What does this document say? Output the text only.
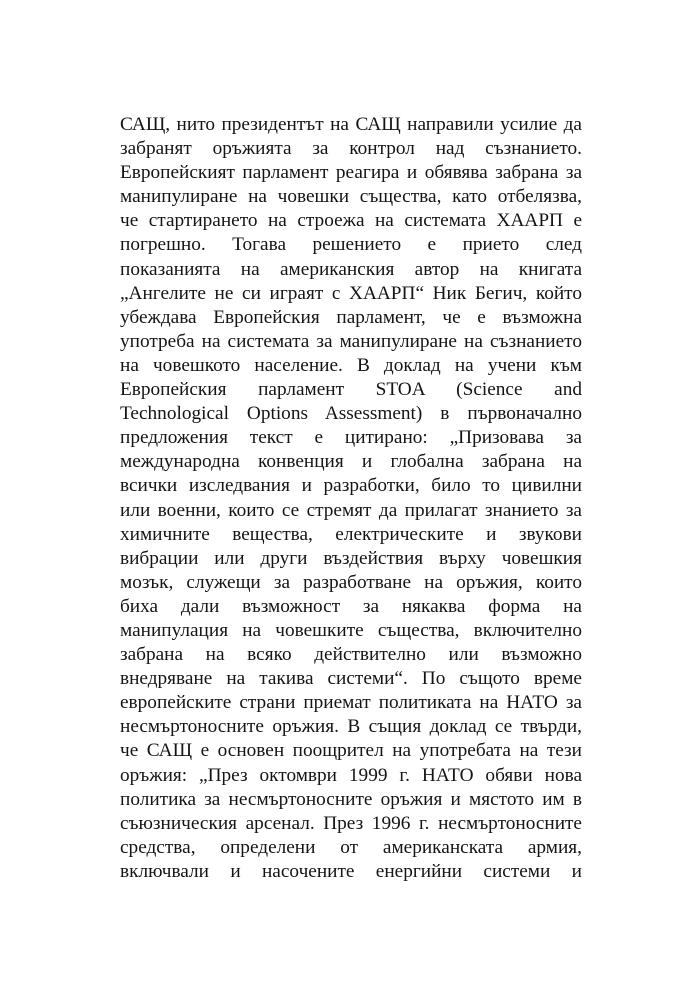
САЩ, нито президентът на САЩ направили усилие да
забранят оръжията за контрол над съзнанието.
Европейският парламент реагира и обявява забрана за
манипулиране на човешки същества, като отбелязва,
че стартирането на строежа на системата ХААРП е
погрешно. Тогава решението е прието след
показанията на американския автор на книгата
„Ангелите не си играят с ХААРП“ Ник Бегич, който
убеждава Европейския парламент, че е възможна
употреба на системата за манипулиране на съзнанието
на човешкото население. В доклад на учени към
Европейския парламент STOA (Science and
Technological Options Assessment) в първоначално
предложения текст е цитирано: „Призовава за
международна конвенция и глобална забрана на
всички изследвания и разработки, било то цивилни
или военни, които се стремят да прилагат знанието за
химичните вещества, електрическите и звукови
вибрации или други въздействия върху човешкия
мозък, служещи за разработване на оръжия, които
биха дали възможност за някаква форма на
манипулация на човешките същества, включително
забрана на всяко действително или възможно
внедряване на такива системи“. По същото време
европейските страни приемат политиката на НАТО за
несмъртоносните оръжия. В същия доклад се твърди,
че САЩ е основен поощрител на употребата на тези
оръжия: „През октомври 1999 г. НАТО обяви нова
политика за несмъртоносните оръжия и мястото им в
съюзническия арсенал. През 1996 г. несмъртоносните
средства, определени от американската армия,
включвали и насочените енергийни системи и
